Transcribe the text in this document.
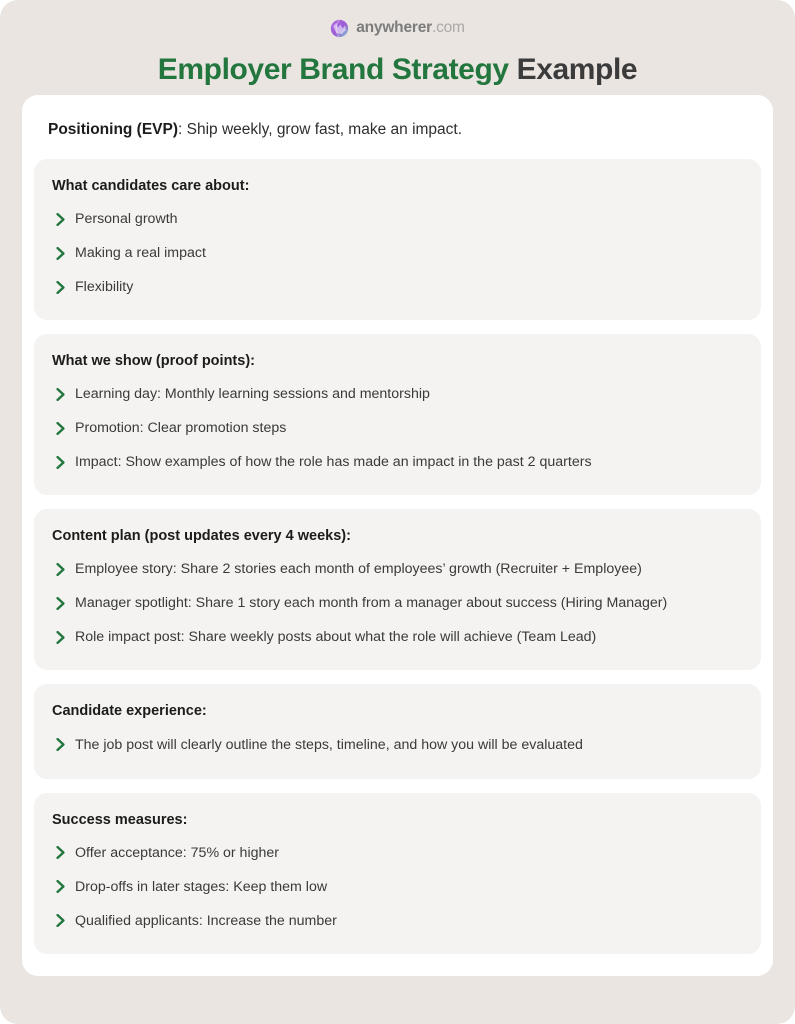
anywherer.com
Employer Brand Strategy Example

Positioning (EVP): Ship weekly, grow fast, make an impact.

What candidates care about:
Personal growth
Making a real impact
Flexibility
What we show (proof points):
Learning day: Monthly learning sessions and mentorship
Promotion: Clear promotion steps
Impact: Show examples of how the role has made an impact in the past 2 quarters
Content plan (post updates every 4 weeks):
Employee story: Share 2 stories each month of employees’ growth (Recruiter + Employee)
Manager spotlight: Share 1 story each month from a manager about success (Hiring Manager)
Role impact post: Share weekly posts about what the role will achieve (Team Lead)
Candidate experience:
The job post will clearly outline the steps, timeline, and how you will be evaluated
Success measures:
Offer acceptance: 75% or higher
Drop-offs in later stages: Keep them low
Qualified applicants: Increase the number
